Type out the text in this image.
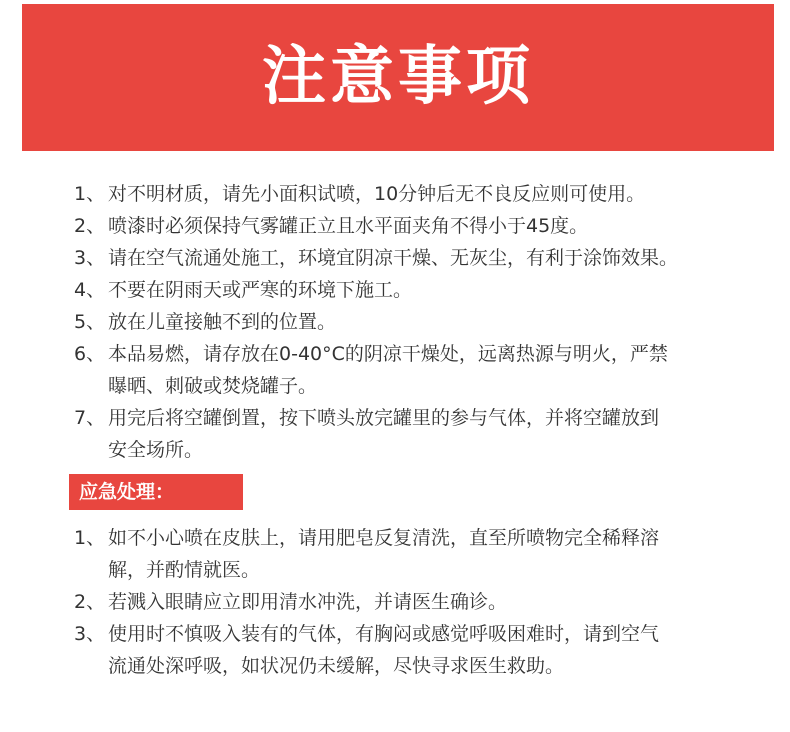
注意事项
1、 对不明材质，请先小面积试喷，10分钟后无不良反应则可使用。
2、 喷漆时必须保持气雾罐正立且水平面夹角不得小于45度。
3、 请在空气流通处施工，环境宜阴凉干燥、无灰尘，有利于涂饰效果。
4、 不要在阴雨天或严寒的环境下施工。
5、 放在儿童接触不到的位置。
6、 本品易燃，请存放在0-40°C的阴凉干燥处，远离热源与明火，严禁
曝晒、刺破或焚烧罐子。
7、 用完后将空罐倒置，按下喷头放完罐里的参与气体，并将空罐放到
安全场所。
应急处理：
1、 如不小心喷在皮肤上，请用肥皂反复清洗，直至所喷物完全稀释溶
解，并酌情就医。
2、 若溅入眼睛应立即用清水冲洗，并请医生确诊。
3、 使用时不慎吸入装有的气体，有胸闷或感觉呼吸困难时，请到空气
流通处深呼吸，如状况仍未缓解，尽快寻求医生救助。
